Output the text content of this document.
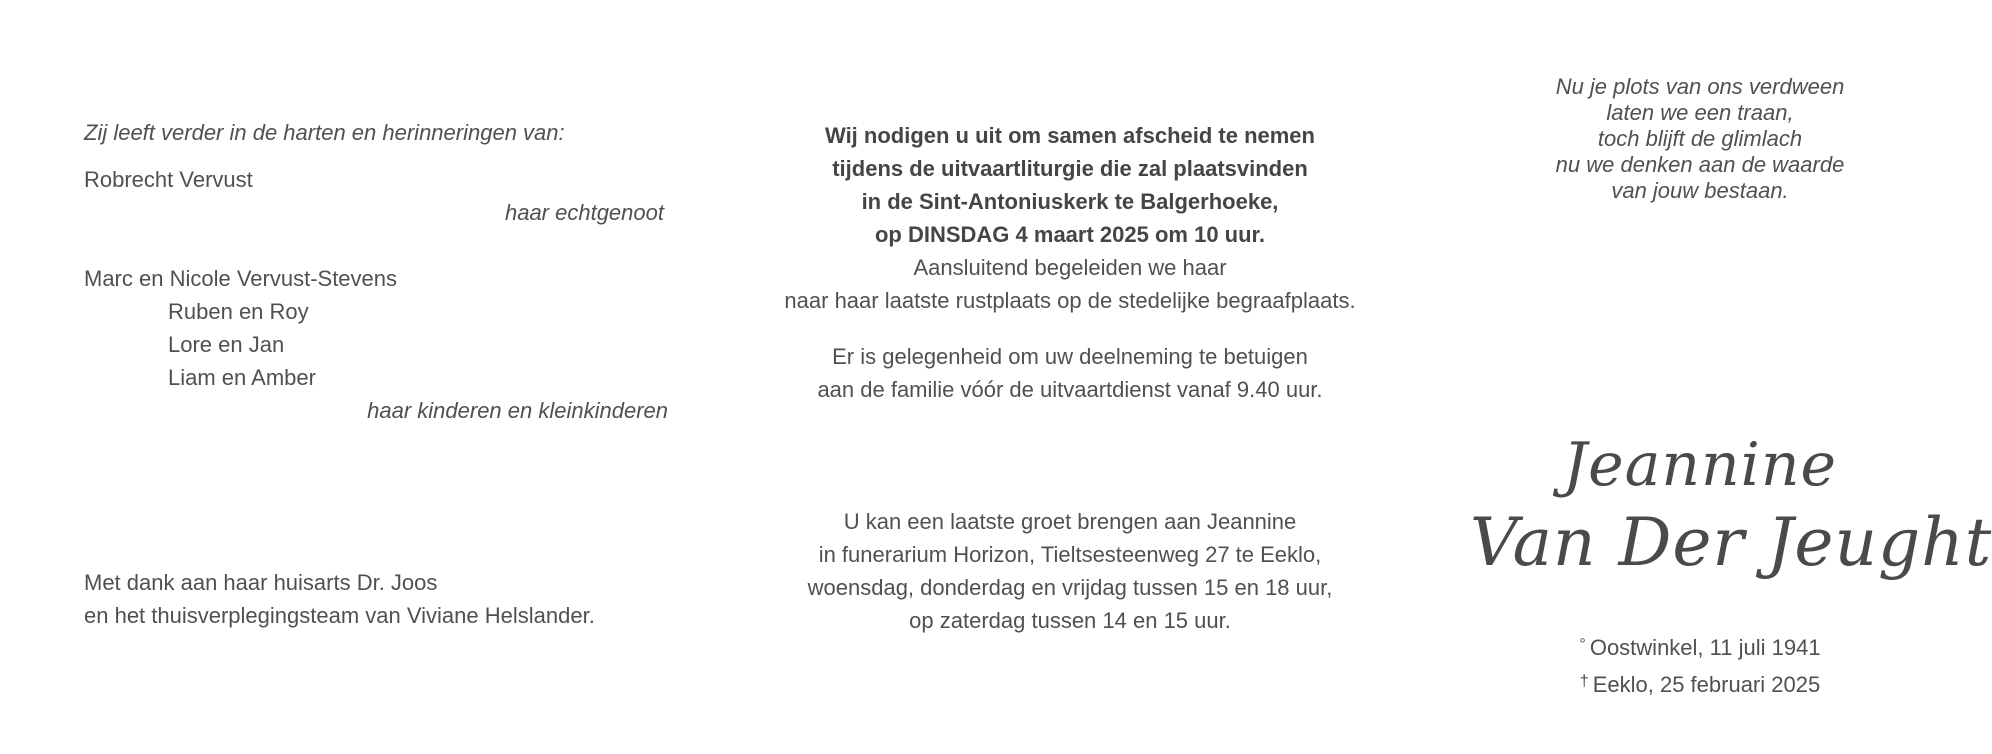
Zij leeft verder in de harten en herinneringen van:
Robrecht Vervust
haar echtgenoot
Marc en Nicole Vervust-Stevens
Ruben en Roy
Lore en Jan
Liam en Amber
haar kinderen en kleinkinderen
Met dank aan haar huisarts Dr. Joos
en het thuisverplegingsteam van Viviane Helslander.
Wij nodigen u uit om samen afscheid te nemen
tijdens de uitvaartliturgie die zal plaatsvinden
in de Sint-Antoniuskerk te Balgerhoeke,
op DINSDAG 4 maart 2025 om 10 uur.
Aansluitend begeleiden we haar
naar haar laatste rustplaats op de stedelijke begraafplaats.
Er is gelegenheid om uw deelneming te betuigen
aan de familie vóór de uitvaartdienst vanaf 9.40 uur.
U kan een laatste groet brengen aan Jeannine
in funerarium Horizon, Tieltsesteenweg 27 te Eeklo,
woensdag, donderdag en vrijdag tussen 15 en 18 uur,
op zaterdag tussen 14 en 15 uur.
Nu je plots van ons verdween
laten we een traan,
toch blijft de glimlach
nu we denken aan de waarde
van jouw bestaan.
Jeannine
Van Der Jeught
° Oostwinkel, 11 juli 1941
† Eeklo, 25 februari 2025
